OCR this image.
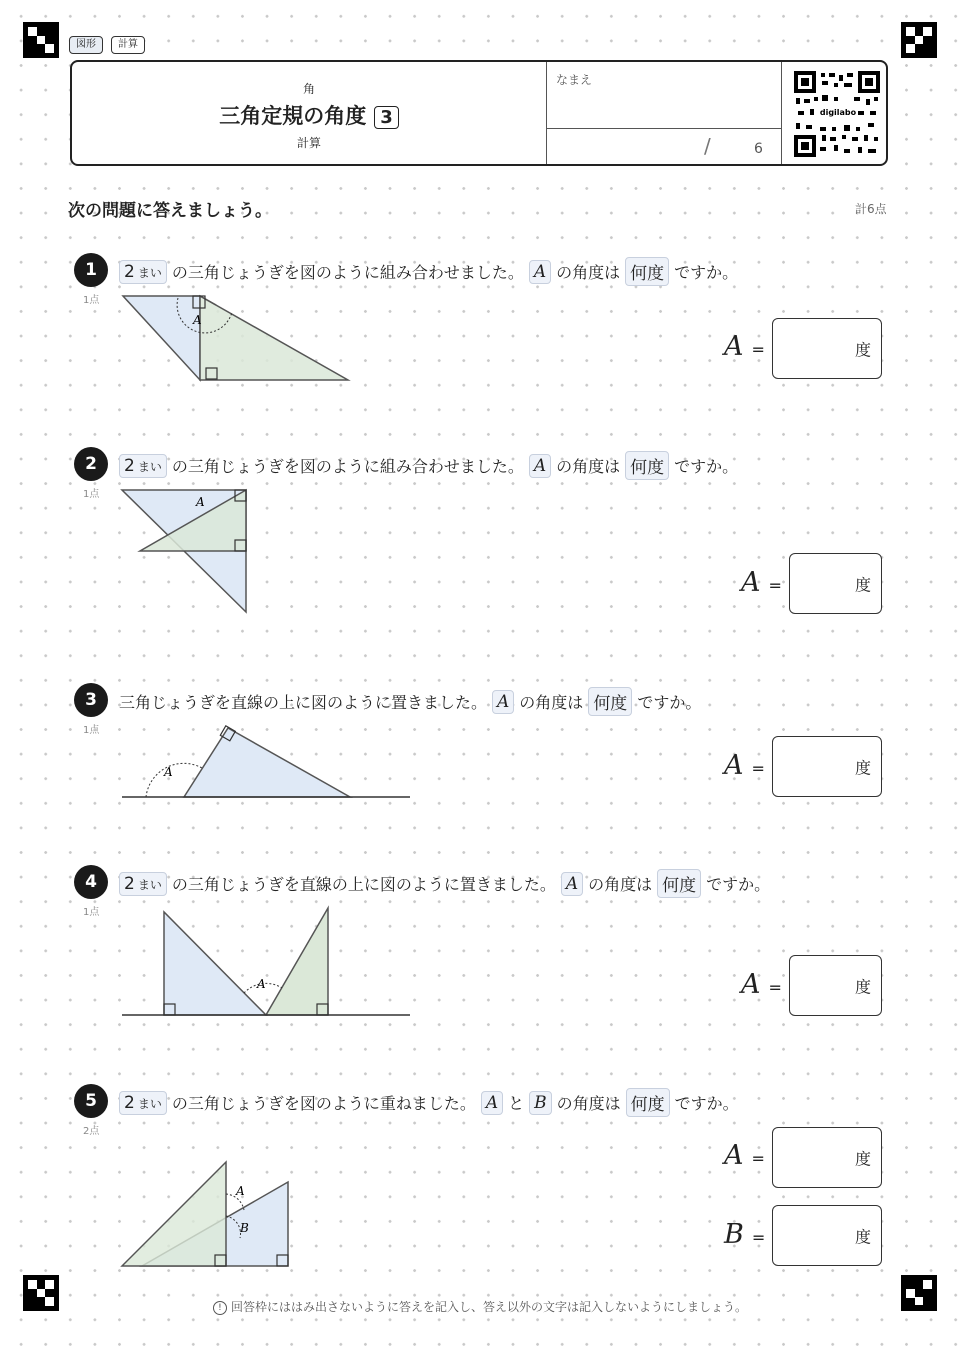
図形	計算
角
三角定規の角度 3
計算
なまえ
/	6
digilabo
次の問題に答えましょう。	計6点
1
1点
2 まい の三角じょうぎを図のように組み合わせました。 A の角度は 何度 ですか。
A
A =	度
2
1点
2 まい の三角じょうぎを図のように組み合わせました。 A の角度は 何度 ですか。
A
A =	度
3
1点
三角じょうぎを直線の上に図のように置きました。 A の角度は 何度 ですか。
A	A =	度
4
1点
2 まい の三角じょうぎを直線の上に図のように置きました。 A の角度は 何度 ですか。
A	A =	度
5
2点
2 まい の三角じょうぎを図のように重ねました。 A と B の角度は 何度 ですか。
A
B
A =	度
B =	度
! 回答枠にははみ出さないように答えを記入し、答え以外の文字は記入しないようにしましょう。
